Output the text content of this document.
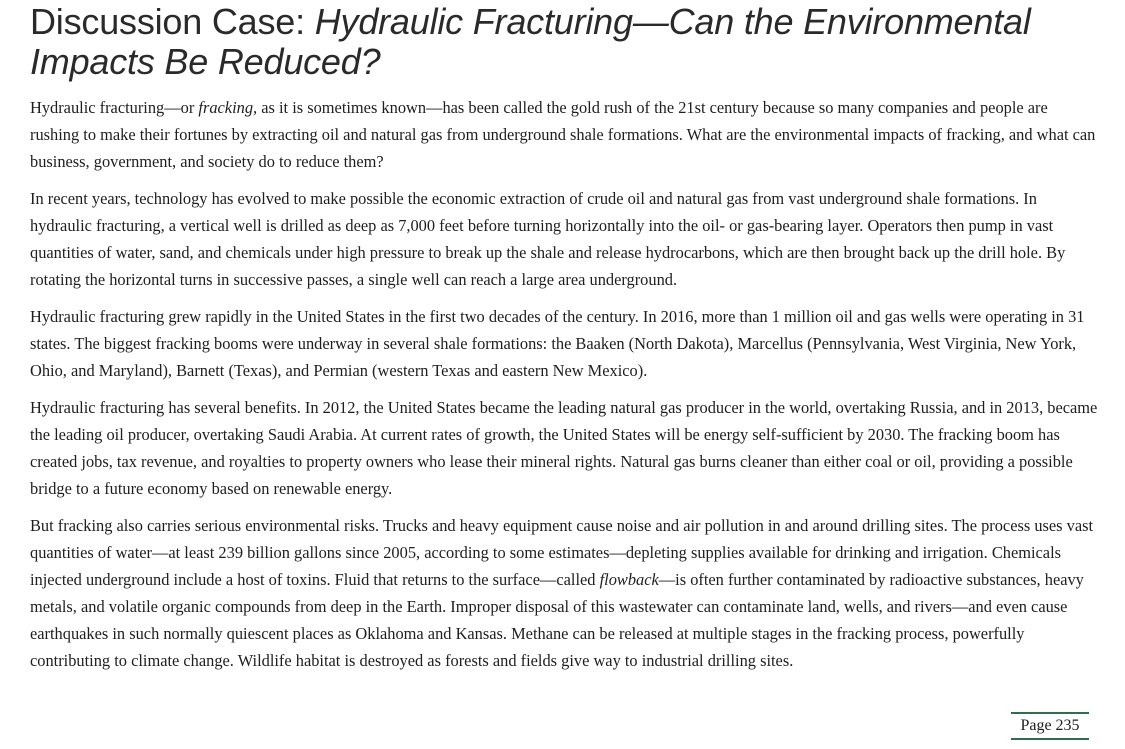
Discussion Case: Hydraulic Fracturing—Can the Environmental Impacts Be Reduced?

Hydraulic fracturing—or fracking, as it is sometimes known—has been called the gold rush of the 21st century because so many companies and people are rushing to make their fortunes by extracting oil and natural gas from underground shale formations. What are the environmental impacts of fracking, and what can business, government, and society do to reduce them?

In recent years, technology has evolved to make possible the economic extraction of crude oil and natural gas from vast underground shale formations. In hydraulic fracturing, a vertical well is drilled as deep as 7,000 feet before turning horizontally into the oil- or gas-bearing layer. Operators then pump in vast quantities of water, sand, and chemicals under high pressure to break up the shale and release hydrocarbons, which are then brought back up the drill hole. By rotating the horizontal turns in successive passes, a single well can reach a large area underground.

Hydraulic fracturing grew rapidly in the United States in the first two decades of the century. In 2016, more than 1 million oil and gas wells were operating in 31 states. The biggest fracking booms were underway in several shale formations: the Baaken (North Dakota), Marcellus (Pennsylvania, West Virginia, New York, Ohio, and Maryland), Barnett (Texas), and Permian (western Texas and eastern New Mexico).

Hydraulic fracturing has several benefits. In 2012, the United States became the leading natural gas producer in the world, overtaking Russia, and in 2013, became the leading oil producer, overtaking Saudi Arabia. At current rates of growth, the United States will be energy self-sufficient by 2030. The fracking boom has created jobs, tax revenue, and royalties to property owners who lease their mineral rights. Natural gas burns cleaner than either coal or oil, providing a possible bridge to a future economy based on renewable energy.

But fracking also carries serious environmental risks. Trucks and heavy equipment cause noise and air pollution in and around drilling sites. The process uses vast quantities of water—at least 239 billion gallons since 2005, according to some estimates—depleting supplies available for drinking and irrigation. Chemicals injected underground include a host of toxins. Fluid that returns to the surface—called flowback—is often further contaminated by radioactive substances, heavy metals, and volatile organic compounds from deep in the Earth. Improper disposal of this wastewater can contaminate land, wells, and rivers—and even cause earthquakes in such normally quiescent places as Oklahoma and Kansas. Methane can be released at multiple stages in the fracking process, powerfully contributing to climate change. Wildlife habitat is destroyed as forests and fields give way to industrial drilling sites.

Page 235
